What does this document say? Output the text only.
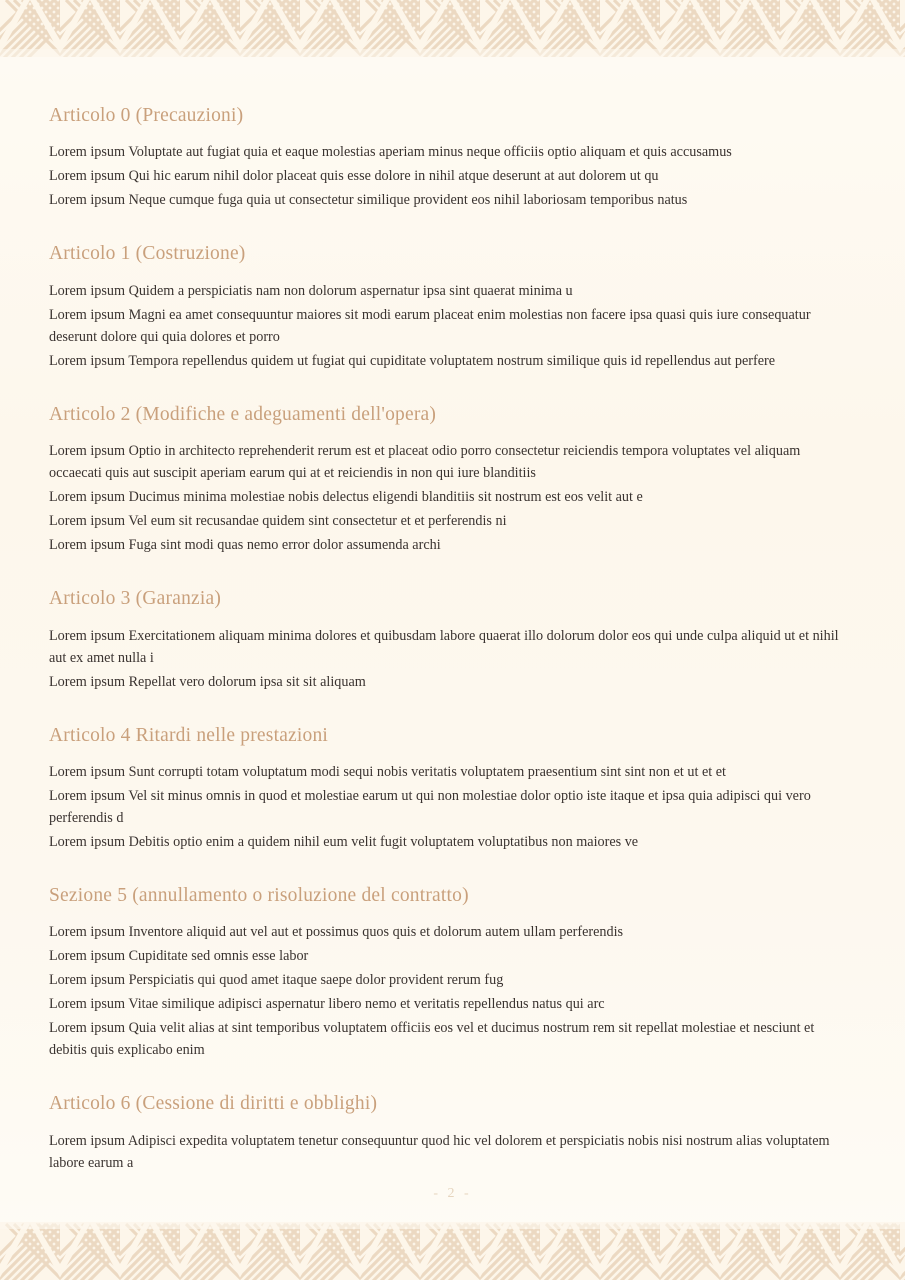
Articolo 0 (Precauzioni)

Lorem ipsum Voluptate aut fugiat quia et eaque molestias aperiam minus neque officiis optio aliquam et quis accusamus

Lorem ipsum Qui hic earum nihil dolor placeat quis esse dolore in nihil atque deserunt at aut dolorem ut qu

Lorem ipsum Neque cumque fuga quia ut consectetur similique provident eos nihil laboriosam temporibus natus

Articolo 1 (Costruzione)

Lorem ipsum Quidem a perspiciatis nam non dolorum aspernatur ipsa sint quaerat minima u

Lorem ipsum Magni ea amet consequuntur maiores sit modi earum placeat enim molestias non facere ipsa quasi quis iure consequatur deserunt dolore qui quia dolores et porro

Lorem ipsum Tempora repellendus quidem ut fugiat qui cupiditate voluptatem nostrum similique quis id repellendus aut perfere

Articolo 2 (Modifiche e adeguamenti dell'opera)

Lorem ipsum Optio in architecto reprehenderit rerum est et placeat odio porro consectetur reiciendis tempora voluptates vel aliquam occaecati quis aut suscipit aperiam earum qui at et reiciendis in non qui iure blanditiis

Lorem ipsum Ducimus minima molestiae nobis delectus eligendi blanditiis sit nostrum est eos velit aut e

Lorem ipsum Vel eum sit recusandae quidem sint consectetur et et perferendis ni

Lorem ipsum Fuga sint modi quas nemo error dolor assumenda archi

Articolo 3 (Garanzia)

Lorem ipsum Exercitationem aliquam minima dolores et quibusdam labore quaerat illo dolorum dolor eos qui unde culpa aliquid ut et nihil aut ex amet nulla i

Lorem ipsum Repellat vero dolorum ipsa sit sit aliquam

Articolo 4 Ritardi nelle prestazioni

Lorem ipsum Sunt corrupti totam voluptatum modi sequi nobis veritatis voluptatem praesentium sint sint non et ut et et

Lorem ipsum Vel sit minus omnis in quod et molestiae earum ut qui non molestiae dolor optio iste itaque et ipsa quia adipisci qui vero perferendis d

Lorem ipsum Debitis optio enim a quidem nihil eum velit fugit voluptatem voluptatibus non maiores ve

Sezione 5 (annullamento o risoluzione del contratto)

Lorem ipsum Inventore aliquid aut vel aut et possimus quos quis et dolorum autem ullam perferendis

Lorem ipsum Cupiditate sed omnis esse labor

Lorem ipsum Perspiciatis qui quod amet itaque saepe dolor provident rerum fug

Lorem ipsum Vitae similique adipisci aspernatur libero nemo et veritatis repellendus natus qui arc

Lorem ipsum Quia velit alias at sint temporibus voluptatem officiis eos vel et ducimus nostrum rem sit repellat molestiae et nesciunt et debitis quis explicabo enim

Articolo 6 (Cessione di diritti e obblighi)

Lorem ipsum Adipisci expedita voluptatem tenetur consequuntur quod hic vel dolorem et perspiciatis nobis nisi nostrum alias voluptatem labore earum a

- 2 -
